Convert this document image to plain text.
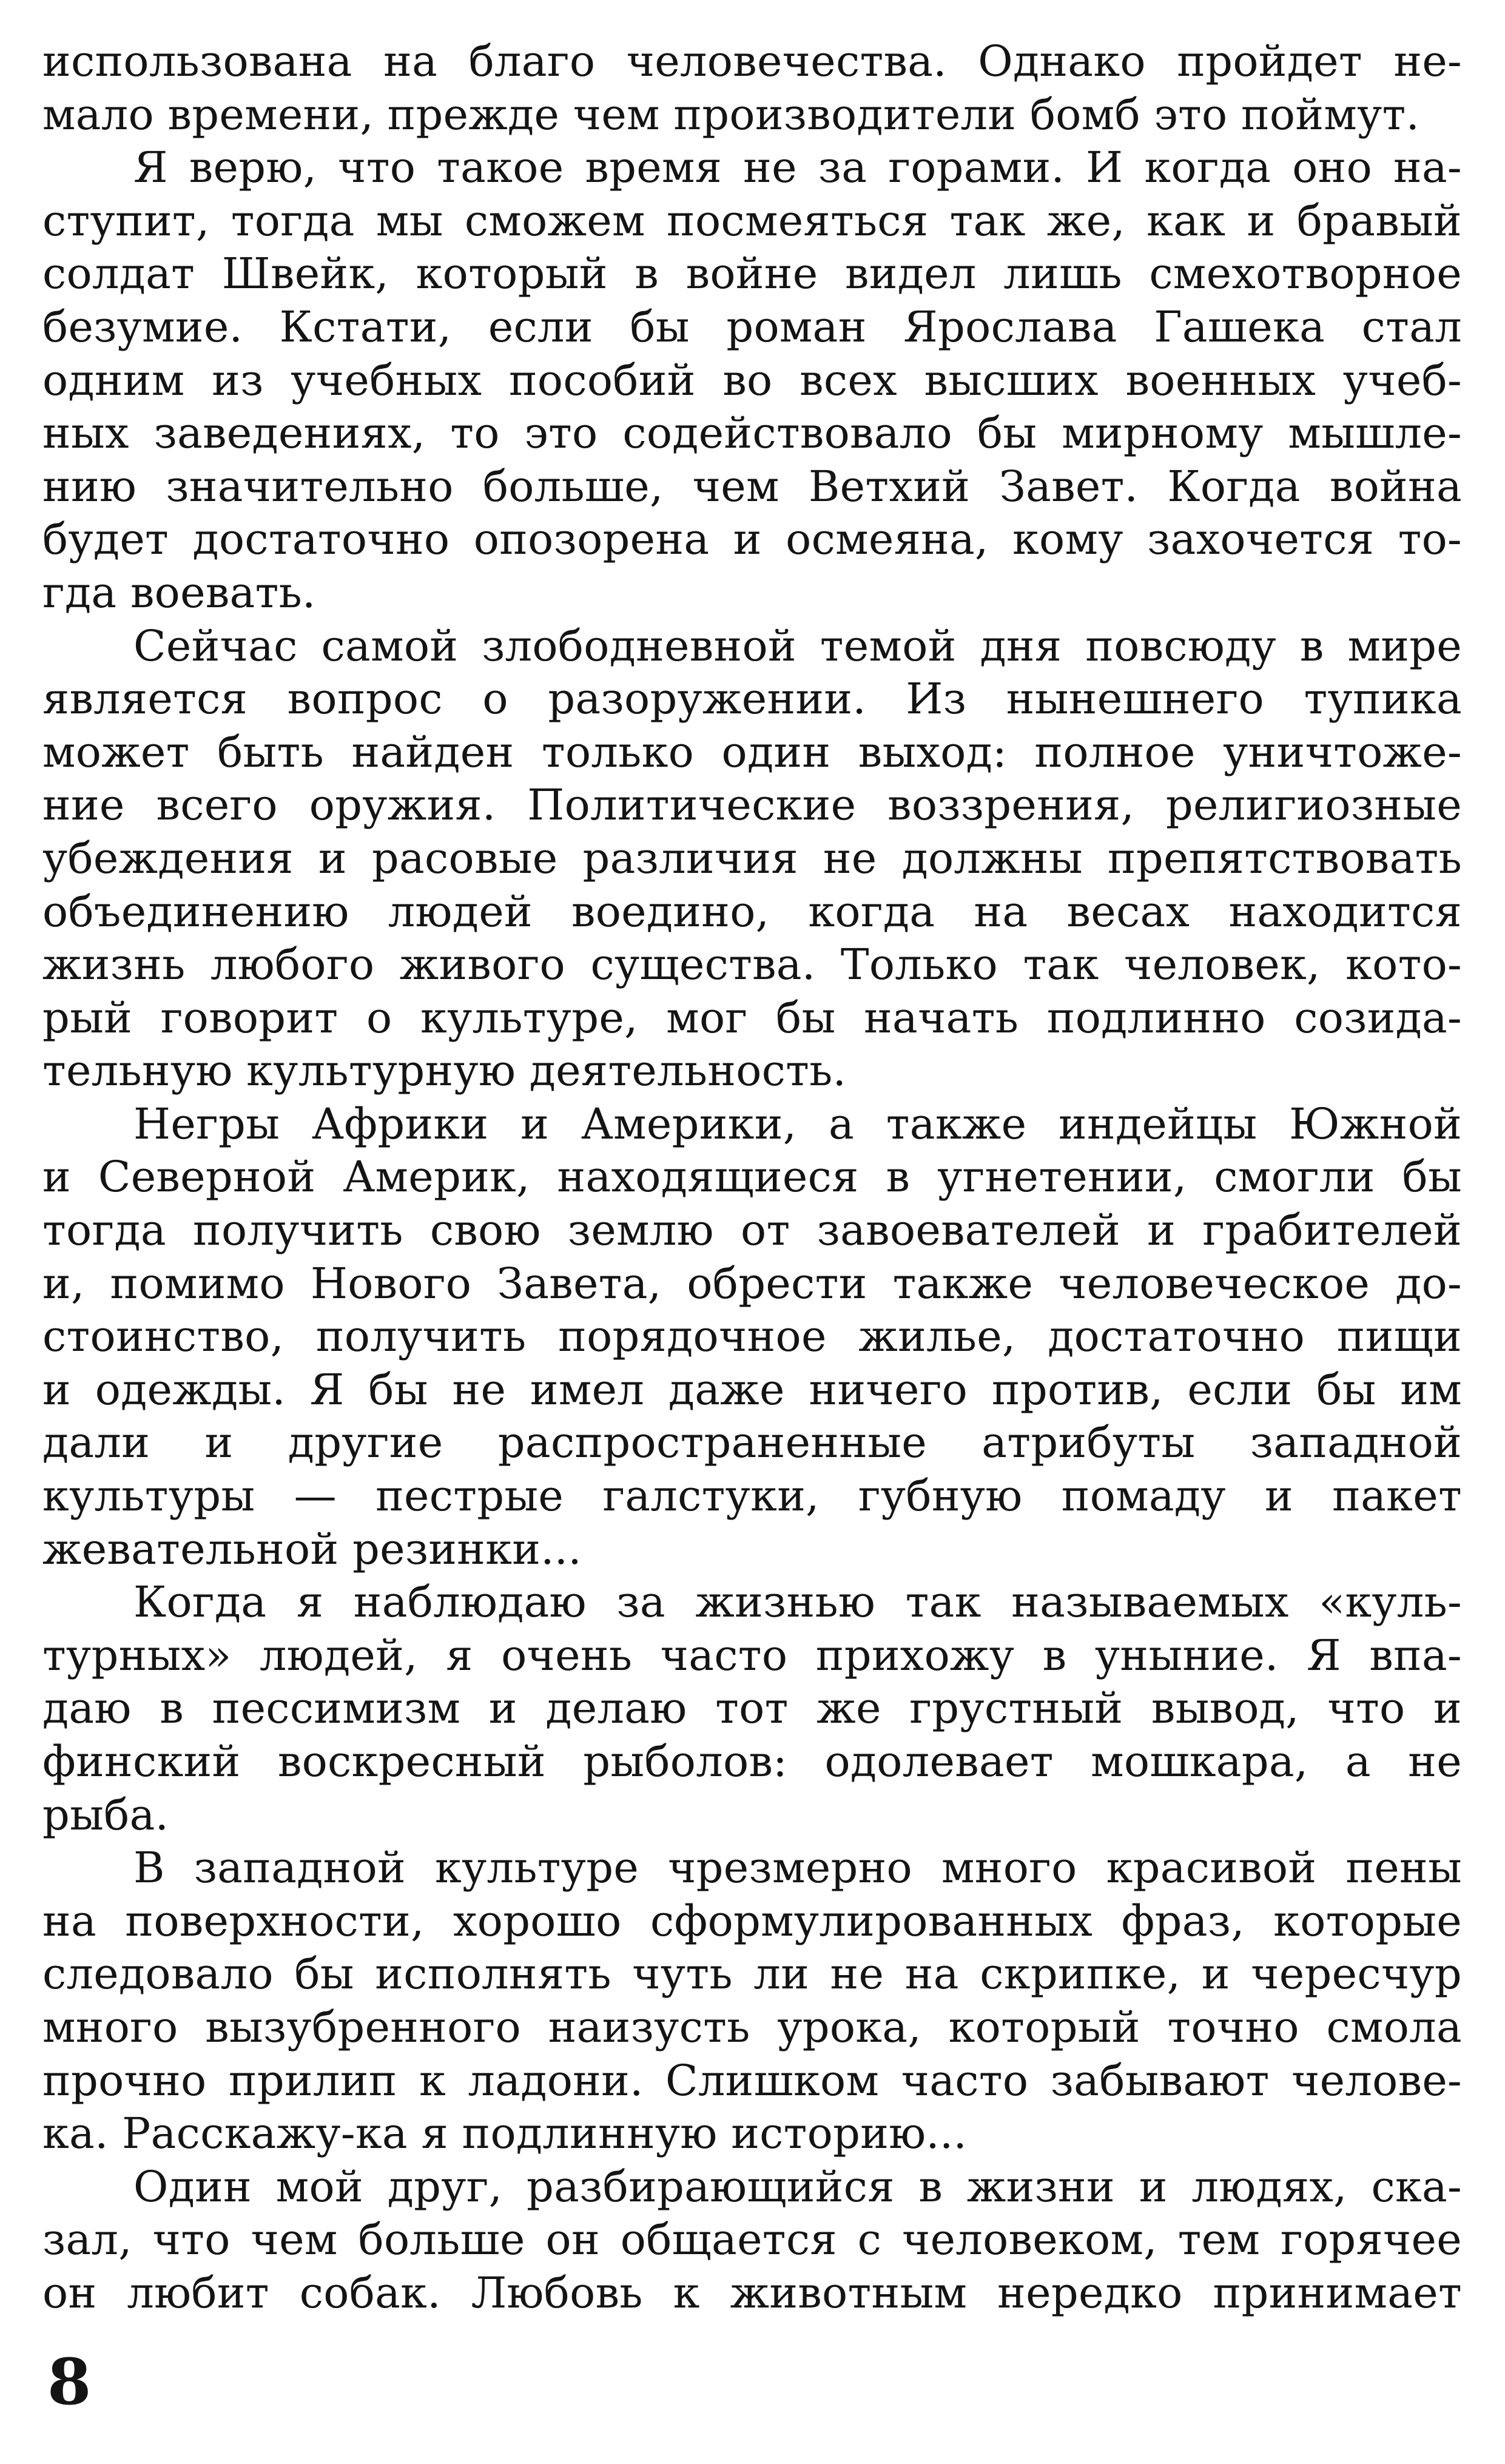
использована на благо человечества. Однако пройдет не-
мало времени, прежде чем производители бомб это поймут.
Я верю, что такое время не за горами. И когда оно на-
ступит, тогда мы сможем посмеяться так же, как и бравый
солдат Швейк, который в войне видел лишь смехотворное
безумие. Кстати, если бы роман Ярослава Гашека стал
одним из учебных пособий во всех высших военных учеб-
ных заведениях, то это содействовало бы мирному мышле-
нию значительно больше, чем Ветхий Завет. Когда война
будет достаточно опозорена и осмеяна, кому захочется то-
гда воевать.
Сейчас самой злободневной темой дня повсюду в мире
является вопрос о разоружении. Из нынешнего тупика
может быть найден только один выход: полное уничтоже-
ние всего оружия. Политические воззрения, религиозные
убеждения и расовые различия не должны препятствовать
объединению людей воедино, когда на весах находится
жизнь любого живого существа. Только так человек, кото-
рый говорит о культуре, мог бы начать подлинно созида-
тельную культурную деятельность.
Негры Африки и Америки, а также индейцы Южной
и Северной Америк, находящиеся в угнетении, смогли бы
тогда получить свою землю от завоевателей и грабителей
и, помимо Нового Завета, обрести также человеческое до-
стоинство, получить порядочное жилье, достаточно пищи
и одежды. Я бы не имел даже ничего против, если бы им
дали и другие распространенные атрибуты западной
культуры — пестрые галстуки, губную помаду и пакет
жевательной резинки...
Когда я наблюдаю за жизнью так называемых «куль-
турных» людей, я очень часто прихожу в уныние. Я впа-
даю в пессимизм и делаю тот же грустный вывод, что и
финский воскресный рыболов: одолевает мошкара, а не
рыба.
В западной культуре чрезмерно много красивой пены
на поверхности, хорошо сформулированных фраз, которые
следовало бы исполнять чуть ли не на скрипке, и чересчур
много вызубренного наизусть урока, который точно смола
прочно прилип к ладони. Слишком часто забывают челове-
ка. Расскажу-ка я подлинную историю...
Один мой друг, разбирающийся в жизни и людях, ска-
зал, что чем больше он общается с человеком, тем горячее
он любит собак. Любовь к животным нередко принимает
8
